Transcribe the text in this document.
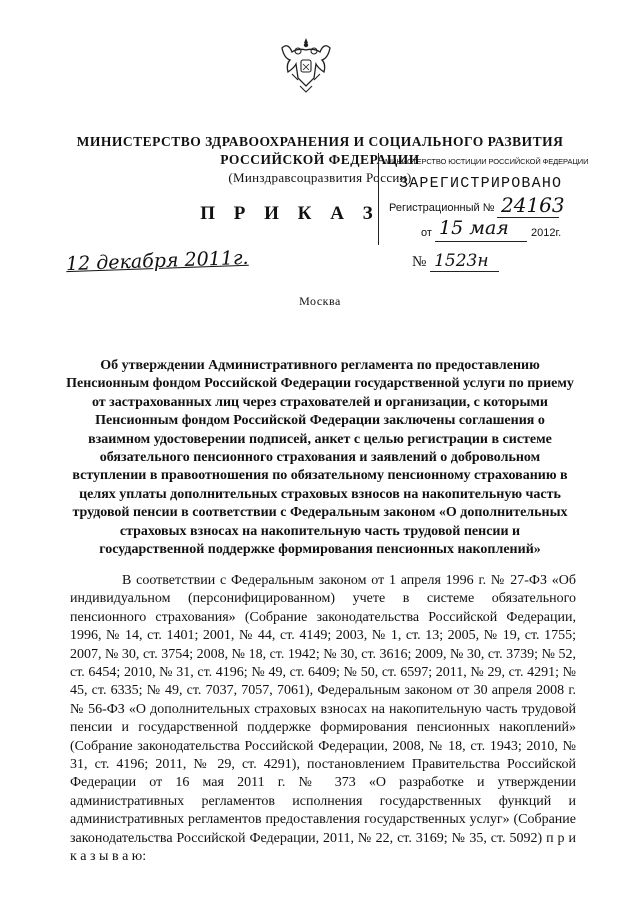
МИНИСТЕРСТВО ЗДРАВООХРАНЕНИЯ И СОЦИАЛЬНОГО РАЗВИТИЯ
РОССИЙСКОЙ ФЕДЕРАЦИИ
(Минздравсоцразвития России)
МИНИСТЕРСТВО ЮСТИЦИИ РОССИЙСКОЙ ФЕДЕРАЦИИ
ЗАРЕГИСТРИРОВАНО
Регистрационный № 24163
от 15 мая 2012г.
П Р И К А З
12 декабря 2011г.	№ 1523н
Москва
Об утверждении Административного регламента по предоставлению Пенсионным фондом Российской Федерации государственной услуги по приему от застрахованных лиц через страхователей и организации, с которыми Пенсионным фондом Российской Федерации заключены соглашения о взаимном удостоверении подписей, анкет с целью регистрации в системе обязательного пенсионного страхования и заявлений о добровольном вступлении в правоотношения по обязательному пенсионному страхованию в целях уплаты дополнительных страховых взносов на накопительную часть трудовой пенсии в соответствии с Федеральным законом «О дополнительных страховых взносах на накопительную часть трудовой пенсии и государственной поддержке формирования пенсионных накоплений»
В соответствии с Федеральным законом от 1 апреля 1996 г. № 27-ФЗ «Об индивидуальном (персонифицированном) учете в системе обязательного пенсионного страхования» (Собрание законодательства Российской Федерации, 1996, № 14, ст. 1401; 2001, № 44, ст. 4149; 2003, № 1, ст. 13; 2005, № 19, ст. 1755; 2007, № 30, ст. 3754; 2008, № 18, ст. 1942; № 30, ст. 3616; 2009, № 30, ст. 3739; № 52, ст. 6454; 2010, № 31, ст. 4196; № 49, ст. 6409; № 50, ст. 6597; 2011, № 29, ст. 4291; № 45, ст. 6335; № 49, ст. 7037, 7057, 7061), Федеральным законом от 30 апреля 2008 г. № 56-ФЗ «О дополнительных страховых взносах на накопительную часть трудовой пенсии и государственной поддержке формирования пенсионных накоплений» (Собрание законодательства Российской Федерации, 2008, № 18, ст. 1943; 2010, № 31, ст. 4196; 2011, № 29, ст. 4291), постановлением Правительства Российской Федерации от 16 мая 2011 г. № 373 «О разработке и утверждении административных регламентов исполнения государственных функций и административных регламентов предоставления государственных услуг» (Собрание законодательства Российской Федерации, 2011, № 22, ст. 3169; № 35, ст. 5092) п р и к а з ы в а ю:
